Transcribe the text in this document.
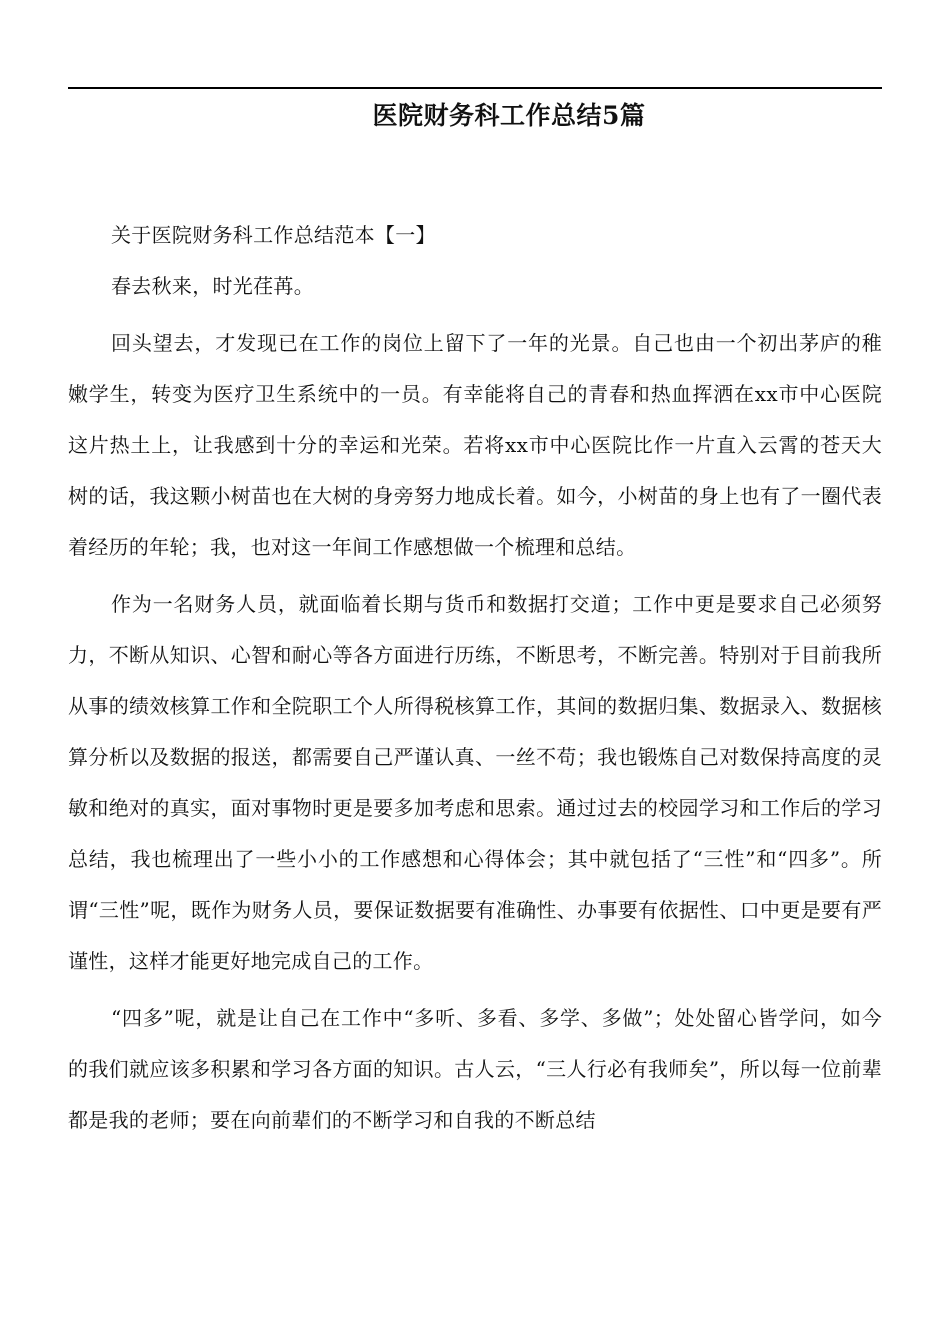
医院财务科工作总结5篇

关于医院财务科工作总结范本【一】

春去秋来，时光荏苒。

回头望去，才发现已在工作的岗位上留下了一年的光景。自己也由一个初出茅庐的稚嫩学生，转变为医疗卫生系统中的一员。有幸能将自己的青春和热血挥洒在xx市中心医院这片热土上，让我感到十分的幸运和光荣。若将xx市中心医院比作一片直入云霄的苍天大树的话，我这颗小树苗也在大树的身旁努力地成长着。如今，小树苗的身上也有了一圈代表着经历的年轮；我，也对这一年间工作感想做一个梳理和总结。

作为一名财务人员，就面临着长期与货币和数据打交道；工作中更是要求自己必须努力，不断从知识、心智和耐心等各方面进行历练，不断思考，不断完善。特别对于目前我所从事的绩效核算工作和全院职工个人所得税核算工作，其间的数据归集、数据录入、数据核算分析以及数据的报送，都需要自己严谨认真、一丝不苟；我也锻炼自己对数保持高度的灵敏和绝对的真实，面对事物时更是要多加考虑和思索。通过过去的校园学习和工作后的学习总结，我也梳理出了一些小小的工作感想和心得体会；其中就包括了“三性”和“四多”。所谓“三性”呢，既作为财务人员，要保证数据要有准确性、办事要有依据性、口中更是要有严谨性，这样才能更好地完成自己的工作。

“四多”呢，就是让自己在工作中“多听、多看、多学、多做”；处处留心皆学问，如今的我们就应该多积累和学习各方面的知识。古人云，“三人行必有我师矣”，所以每一位前辈都是我的老师；要在向前辈们的不断学习和自我的不断总结
